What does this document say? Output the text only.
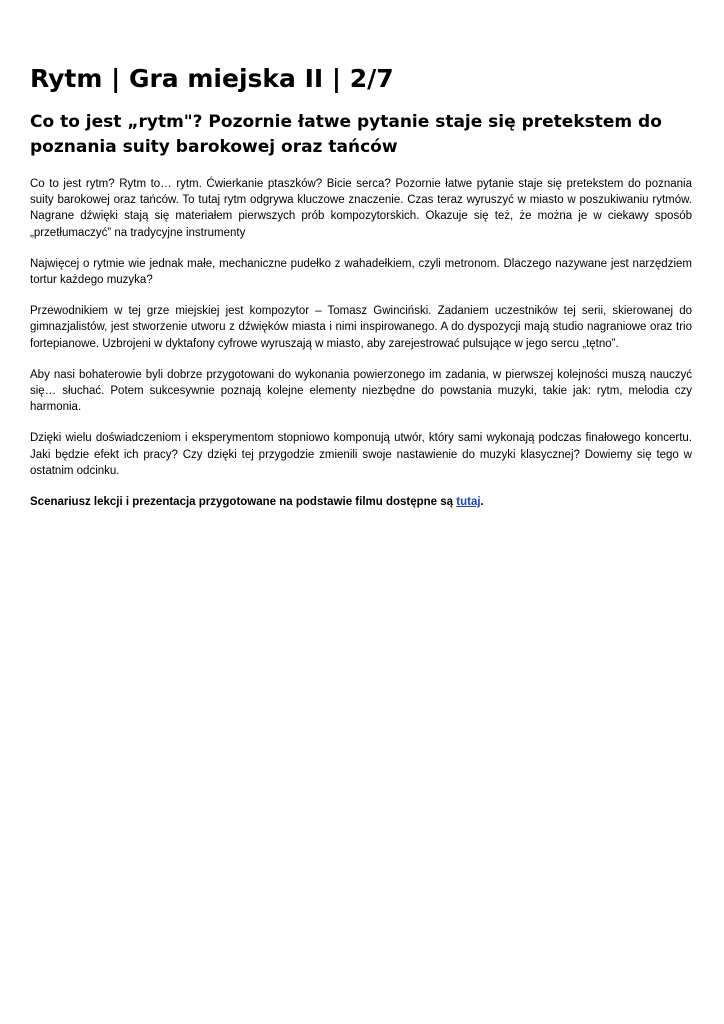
Rytm | Gra miejska II | 2/7
Co to jest „rytm"? Pozornie łatwe pytanie staje się pretekstem do poznania suity barokowej oraz tańców

Co to jest rytm? Rytm to… rytm. Ćwierkanie ptaszków? Bicie serca? Pozornie łatwe pytanie staje się pretekstem do poznania suity barokowej oraz tańców. To tutaj rytm odgrywa kluczowe znaczenie. Czas teraz wyruszyć w miasto w poszukiwaniu rytmów. Nagrane dźwięki stają się materiałem pierwszych prób kompozytorskich. Okazuje się też, że można je w ciekawy sposób „przetłumaczyć” na tradycyjne instrumenty

Najwięcej o rytmie wie jednak małe, mechaniczne pudełko z wahadełkiem, czyli metronom. Dlaczego nazywane jest narzędziem tortur każdego muzyka?

Przewodnikiem w tej grze miejskiej jest kompozytor – Tomasz Gwinciński. Zadaniem uczestników tej serii, skierowanej do gimnazjalistów, jest stworzenie utworu z dźwięków miasta i nimi inspirowanego. A do dyspozycji mają studio nagraniowe oraz trio fortepianowe. Uzbrojeni w dyktafony cyfrowe wyruszają w miasto, aby zarejestrować pulsujące w jego sercu „tętno”.

Aby nasi bohaterowie byli dobrze przygotowani do wykonania powierzonego im zadania, w pierwszej kolejności muszą nauczyć się… słuchać. Potem sukcesywnie poznają kolejne elementy niezbędne do powstania muzyki, takie jak: rytm, melodia czy harmonia.

Dzięki wielu doświadczeniom i eksperymentom stopniowo komponują utwór, który sami wykonają podczas finałowego koncertu. Jaki będzie efekt ich pracy? Czy dzięki tej przygodzie zmienili swoje nastawienie do muzyki klasycznej? Dowiemy się tego w ostatnim odcinku.

Scenariusz lekcji i prezentacja przygotowane na podstawie filmu dostępne są tutaj.
